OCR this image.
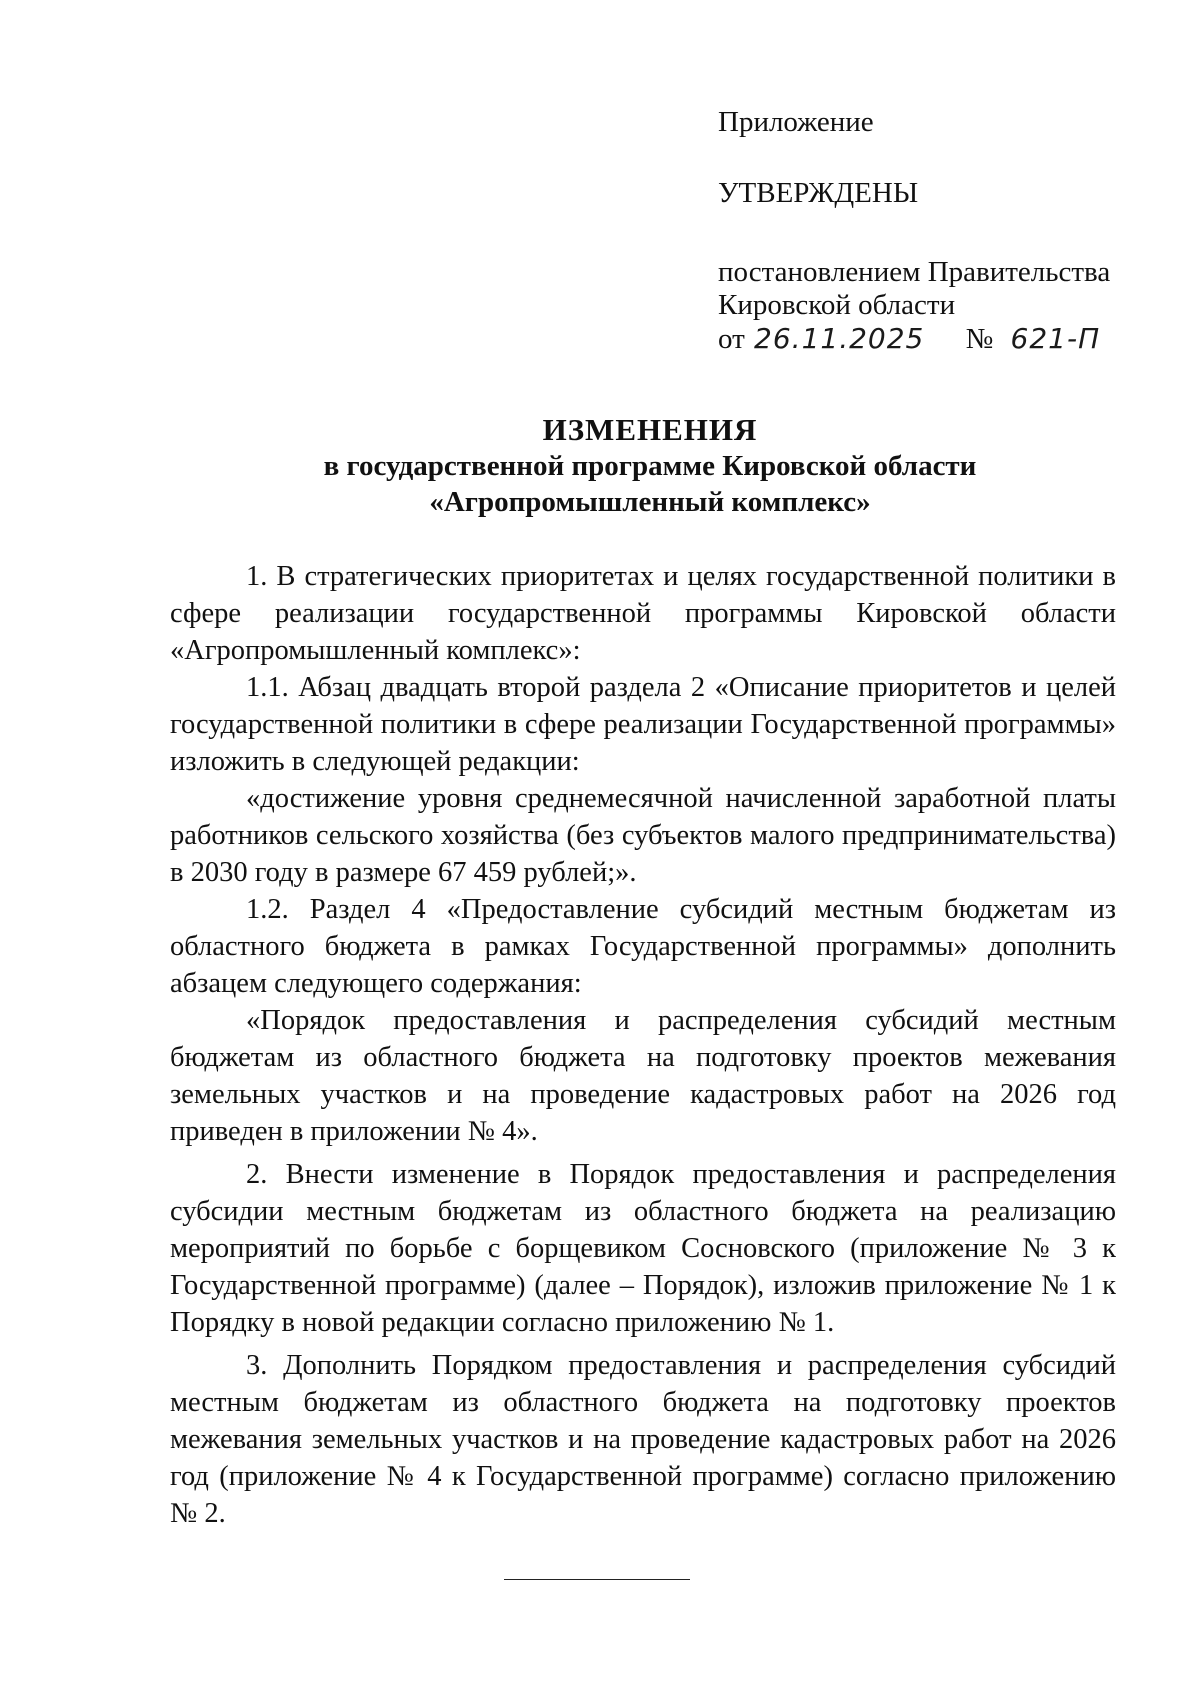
Приложение
УТВЕРЖДЕНЫ
постановлением Правительства
Кировской области
от 26.11.2025 № 621-П
ИЗМЕНЕНИЯ
в государственной программе Кировской области
«Агропромышленный комплекс»

1. В стратегических приоритетах и целях государственной политики в сфере реализации государственной программы Кировской области «Агропромышленный комплекс»:

1.1. Абзац двадцать второй раздела 2 «Описание приоритетов и целей государственной политики в сфере реализации Государственной программы» изложить в следующей редакции:

«достижение уровня среднемесячной начисленной заработной платы работников сельского хозяйства (без субъектов малого предпринимательства) в 2030 году в размере 67 459 рублей;».

1.2. Раздел 4 «Предоставление субсидий местным бюджетам из областного бюджета в рамках Государственной программы» дополнить абзацем следующего содержания:

«Порядок предоставления и распределения субсидий местным бюджетам из областного бюджета на подготовку проектов межевания земельных участков и на проведение кадастровых работ на 2026 год приведен в приложении № 4».

2. Внести изменение в Порядок предоставления и распределения субсидии местным бюджетам из областного бюджета на реализацию мероприятий по борьбе с борщевиком Сосновского (приложение № 3 к Государственной программе) (далее – Порядок), изложив приложение № 1 к Порядку в новой редакции согласно приложению № 1.

3. Дополнить Порядком предоставления и распределения субсидий местным бюджетам из областного бюджета на подготовку проектов межевания земельных участков и на проведение кадастровых работ на 2026 год (приложение № 4 к Государственной программе) согласно приложению № 2.
